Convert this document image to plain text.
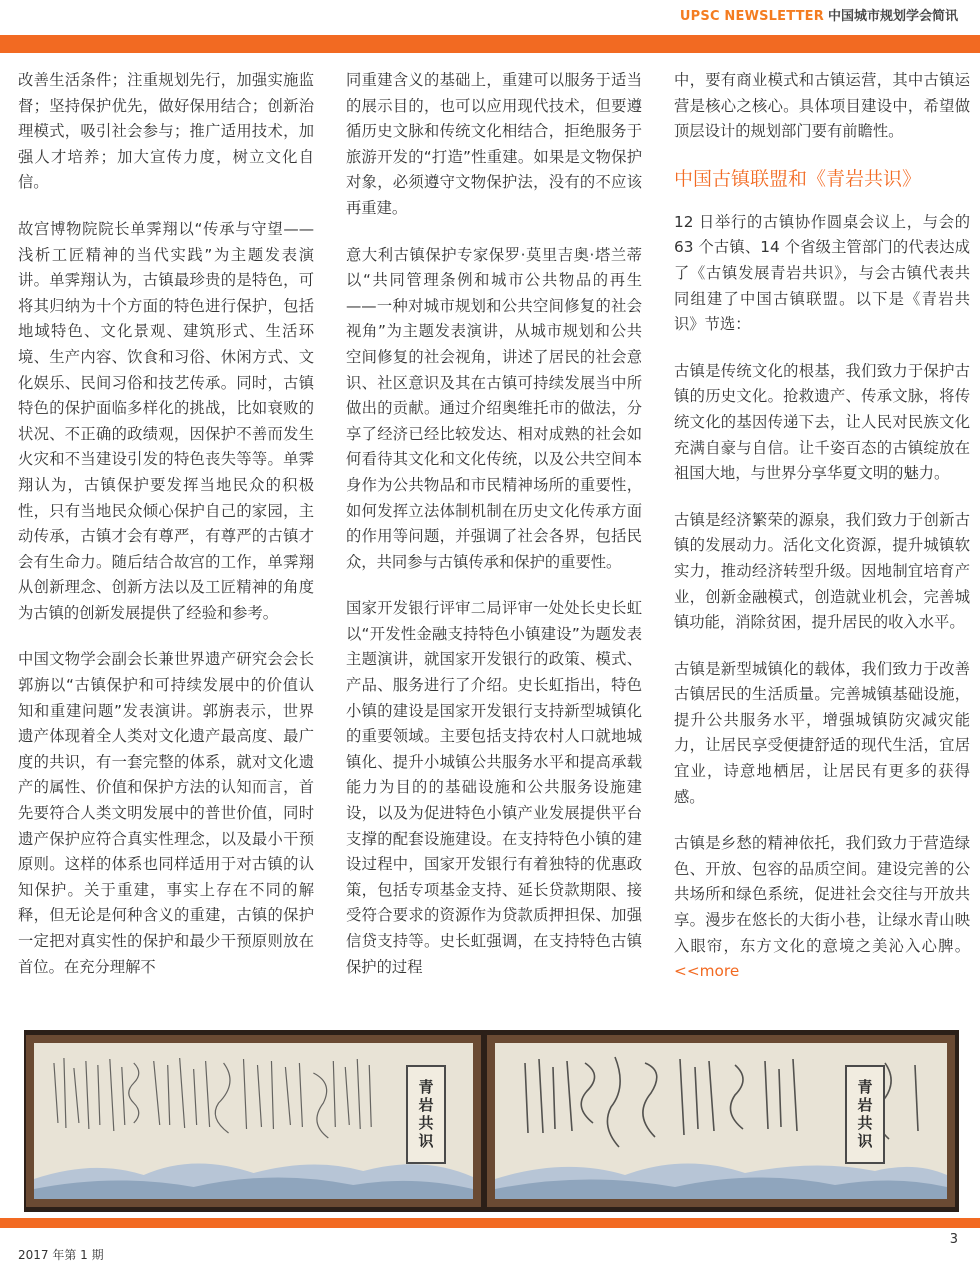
UPSC NEWSLETTER 中国城市规划学会简讯

改善生活条件；注重规划先行，加强实施监督；坚持保护优先，做好保用结合；创新治理模式，吸引社会参与；推广适用技术，加强人才培养；加大宣传力度，树立文化自信。

故宫博物院院长单霁翔以“传承与守望——浅析工匠精神的当代实践”为主题发表演讲。单霁翔认为，古镇最珍贵的是特色，可将其归纳为十个方面的特色进行保护，包括地域特色、文化景观、建筑形式、生活环境、生产内容、饮食和习俗、休闲方式、文化娱乐、民间习俗和技艺传承。同时，古镇特色的保护面临多样化的挑战，比如衰败的状况、不正确的政绩观，因保护不善而发生火灾和不当建设引发的特色丧失等等。单霁翔认为，古镇保护要发挥当地民众的积极性，只有当地民众倾心保护自己的家园，主动传承，古镇才会有尊严，有尊严的古镇才会有生命力。随后结合故宫的工作，单霁翔从创新理念、创新方法以及工匠精神的角度为古镇的创新发展提供了经验和参考。

中国文物学会副会长兼世界遗产研究会会长郭旃以“古镇保护和可持续发展中的价值认知和重建问题”发表演讲。郭旃表示，世界遗产体现着全人类对文化遗产最高度、最广度的共识，有一套完整的体系，就对文化遗产的属性、价值和保护方法的认知而言，首先要符合人类文明发展中的普世价值，同时遗产保护应符合真实性理念，以及最小干预原则。这样的体系也同样适用于对古镇的认知保护。关于重建，事实上存在不同的解释，但无论是何种含义的重建，古镇的保护一定把对真实性的保护和最少干预原则放在首位。在充分理解不

同重建含义的基础上，重建可以服务于适当的展示目的，也可以应用现代技术，但要遵循历史文脉和传统文化相结合，拒绝服务于旅游开发的“打造”性重建。如果是文物保护对象，必须遵守文物保护法，没有的不应该再重建。

意大利古镇保护专家保罗·莫里吉奥·塔兰蒂以“共同管理条例和城市公共物品的再生——一种对城市规划和公共空间修复的社会视角”为主题发表演讲，从城市规划和公共空间修复的社会视角，讲述了居民的社会意识、社区意识及其在古镇可持续发展当中所做出的贡献。通过介绍奥维托市的做法，分享了经济已经比较发达、相对成熟的社会如何看待其文化和文化传统，以及公共空间本身作为公共物品和市民精神场所的重要性，如何发挥立法体制机制在历史文化传承方面的作用等问题，并强调了社会各界，包括民众，共同参与古镇传承和保护的重要性。

国家开发银行评审二局评审一处处长史长虹以“开发性金融支持特色小镇建设”为题发表主题演讲，就国家开发银行的政策、模式、产品、服务进行了介绍。史长虹指出，特色小镇的建设是国家开发银行支持新型城镇化的重要领域。主要包括支持农村人口就地城镇化、提升小城镇公共服务水平和提高承载能力为目的的基础设施和公共服务设施建设，以及为促进特色小镇产业发展提供平台支撑的配套设施建设。在支持特色小镇的建设过程中，国家开发银行有着独特的优惠政策，包括专项基金支持、延长贷款期限、接受符合要求的资源作为贷款质押担保、加强信贷支持等。史长虹强调，在支持特色古镇保护的过程

中，要有商业模式和古镇运营，其中古镇运营是核心之核心。具体项目建设中，希望做顶层设计的规划部门要有前瞻性。

中国古镇联盟和《青岩共识》

12 日举行的古镇协作圆桌会议上，与会的 63 个古镇、14 个省级主管部门的代表达成了《古镇发展青岩共识》，与会古镇代表共同组建了中国古镇联盟。以下是《青岩共识》节选：

古镇是传统文化的根基，我们致力于保护古镇的历史文化。抢救遗产、传承文脉，将传统文化的基因传递下去，让人民对民族文化充满自豪与自信。让千姿百态的古镇绽放在祖国大地，与世界分享华夏文明的魅力。

古镇是经济繁荣的源泉，我们致力于创新古镇的发展动力。活化文化资源，提升城镇软实力，推动经济转型升级。因地制宜培育产业，创新金融模式，创造就业机会，完善城镇功能，消除贫困，提升居民的收入水平。

古镇是新型城镇化的载体，我们致力于改善古镇居民的生活质量。完善城镇基础设施，提升公共服务水平，增强城镇防灾减灾能力，让居民享受便捷舒适的现代生活，宜居宜业，诗意地栖居，让居民有更多的获得感。

古镇是乡愁的精神依托，我们致力于营造绿色、开放、包容的品质空间。建设完善的公共场所和绿色系统，促进社会交往与开放共享。漫步在悠长的大街小巷，让绿水青山映入眼帘，东方文化的意境之美沁入心脾。<<more

青岩共识	青岩共识
3
2017 年第 1 期
